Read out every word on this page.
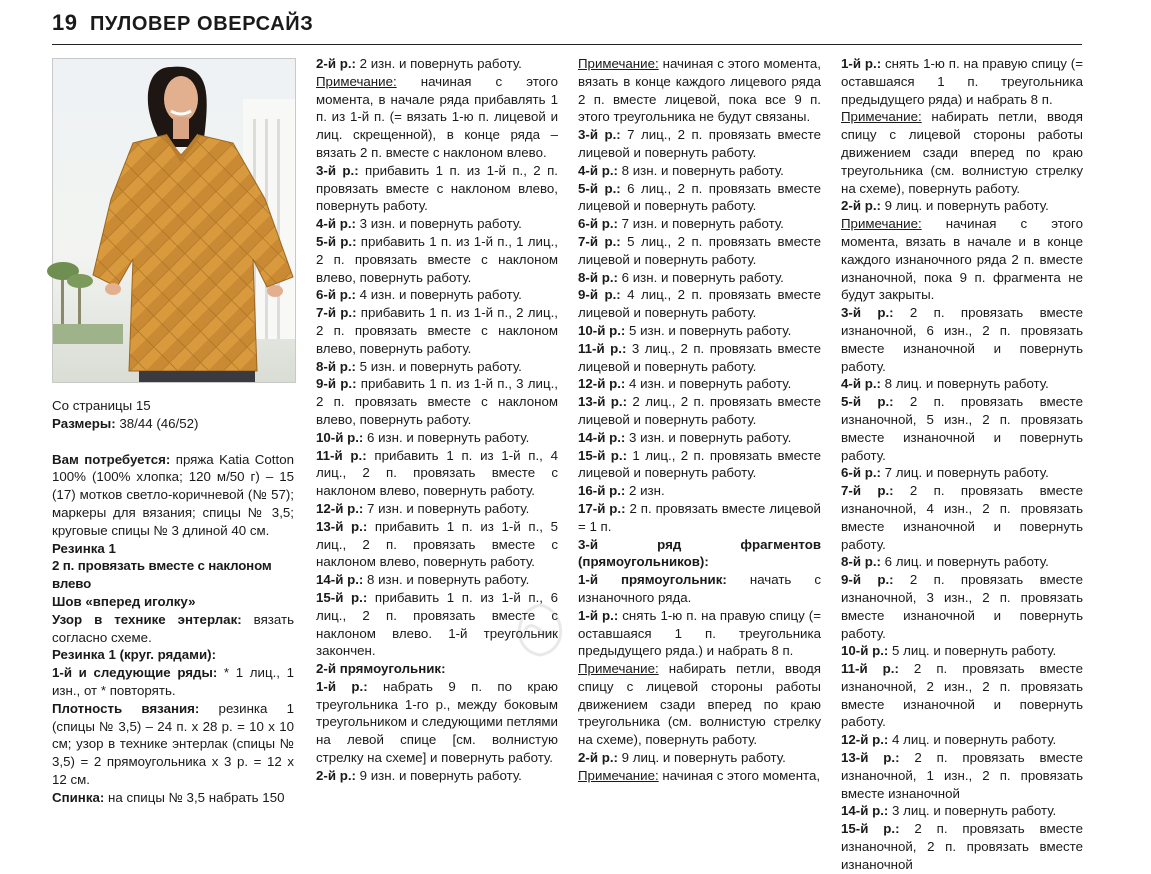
19 ПУЛОВЕР ОВЕРСАЙЗ

Со страницы 15

Размеры: 38/44 (46/52)

Вам потребуется: пряжа Katia Cotton 100% (100% хлопка; 120 м/50 г) – 15 (17) мотков светло-коричневой (№ 57); маркеры для вязания; спицы № 3,5; круговые спицы № 3 длиной 40 см.

Резинка 1

2 п. провязать вместе с наклоном влево

Шов «вперед иголку»

Узор в технике энтерлак: вязать согласно схеме.

Резинка 1 (круг. рядами):

1-й и следующие ряды: * 1 лиц., 1 изн., от * повторять.

Плотность вязания: резинка 1 (спицы № 3,5) – 24 п. x 28 р. = 10 x 10 см; узор в технике энтерлак (спицы № 3,5) = 2 прямоугольника x 3 р. = 12 x 12 см.

Спинка: на спицы № 3,5 набрать 150

2-й р.: 2 изн. и повернуть работу.

Примечание: начиная с этого момента, в начале ряда прибавлять 1 п. из 1-й п. (= вязать 1-ю п. лицевой и лиц. скрещенной), в конце ряда – вязать 2 п. вместе с наклоном влево.

3-й р.: прибавить 1 п. из 1-й п., 2 п. провязать вместе с наклоном влево, повернуть работу.

4-й р.: 3 изн. и повернуть работу.

5-й р.: прибавить 1 п. из 1-й п., 1 лиц., 2 п. провязать вместе с наклоном влево, повернуть работу.

6-й р.: 4 изн. и повернуть работу.

7-й р.: прибавить 1 п. из 1-й п., 2 лиц., 2 п. провязать вместе с наклоном влево, повернуть работу.

8-й р.: 5 изн. и повернуть работу.

9-й р.: прибавить 1 п. из 1-й п., 3 лиц., 2 п. провязать вместе с наклоном влево, повернуть работу.

10-й р.: 6 изн. и повернуть работу.

11-й р.: прибавить 1 п. из 1-й п., 4 лиц., 2 п. провязать вместе с наклоном влево, повернуть работу.

12-й р.: 7 изн. и повернуть работу.

13-й р.: прибавить 1 п. из 1-й п., 5 лиц., 2 п. провязать вместе с наклоном влево, повернуть работу.

14-й р.: 8 изн. и повернуть работу.

15-й р.: прибавить 1 п. из 1-й п., 6 лиц., 2 п. провязать вместе с наклоном влево. 1-й треугольник закончен.

2-й прямоугольник:

1-й р.: набрать 9 п. по краю треугольника 1-го р., между боковым треугольником и следующими петлями на левой спице [см. волнистую стрелку на схеме] и повернуть работу.

2-й р.: 9 изн. и повернуть работу.

Примечание: начиная с этого момента, вязать в конце каждого лицевого ряда 2 п. вместе лицевой, пока все 9 п. этого треугольника не будут связаны.

3-й р.: 7 лиц., 2 п. провязать вместе лицевой и повернуть работу.

4-й р.: 8 изн. и повернуть работу.

5-й р.: 6 лиц., 2 п. провязать вместе лицевой и повернуть работу.

6-й р.: 7 изн. и повернуть работу.

7-й р.: 5 лиц., 2 п. провязать вместе лицевой и повернуть работу.

8-й р.: 6 изн. и повернуть работу.

9-й р.: 4 лиц., 2 п. провязать вместе лицевой и повернуть работу.

10-й р.: 5 изн. и повернуть работу.

11-й р.: 3 лиц., 2 п. провязать вместе лицевой и повернуть работу.

12-й р.: 4 изн. и повернуть работу.

13-й р.: 2 лиц., 2 п. провязать вместе лицевой и повернуть работу.

14-й р.: 3 изн. и повернуть работу.

15-й р.: 1 лиц., 2 п. провязать вместе лицевой и повернуть работу.

16-й р.: 2 изн.

17-й р.: 2 п. провязать вместе лицевой = 1 п.

3-й ряд фрагментов (прямоугольников):

1-й прямоугольник: начать с изнаночного ряда.

1-й р.: снять 1-ю п. на правую спицу (= оставшаяся 1 п. треугольника предыдущего ряда.) и набрать 8 п.

Примечание: набирать петли, вводя спицу с лицевой стороны работы движением сзади вперед по краю треугольника (см. волнистую стрелку на схеме), повернуть работу.

2-й р.: 9 лиц. и повернуть работу.

Примечание: начиная с этого момента,

1-й р.: снять 1-ю п. на правую спицу (= оставшаяся 1 п. треугольника предыдущего ряда) и набрать 8 п.

Примечание: набирать петли, вводя спицу с лицевой стороны работы движением сзади вперед по краю треугольника (см. волнистую стрелку на схеме), повернуть работу.

2-й р.: 9 лиц. и повернуть работу.

Примечание: начиная с этого момента, вязать в начале и в конце каждого изнаночного ряда 2 п. вместе изнаночной, пока 9 п. фрагмента не будут закрыты.

3-й р.: 2 п. провязать вместе изнаночной, 6 изн., 2 п. провязать вместе изнаночной и повернуть работу.

4-й р.: 8 лиц. и повернуть работу.

5-й р.: 2 п. провязать вместе изнаночной, 5 изн., 2 п. провязать вместе изнаночной и повернуть работу.

6-й р.: 7 лиц. и повернуть работу.

7-й р.: 2 п. провязать вместе изнаночной, 4 изн., 2 п. провязать вместе изнаночной и повернуть работу.

8-й р.: 6 лиц. и повернуть работу.

9-й р.: 2 п. провязать вместе изнаночной, 3 изн., 2 п. провязать вместе изнаночной и повернуть работу.

10-й р.: 5 лиц. и повернуть работу.

11-й р.: 2 п. провязать вместе изнаночной, 2 изн., 2 п. провязать вместе изнаночной и повернуть работу.

12-й р.: 4 лиц. и повернуть работу.

13-й р.: 2 п. провязать вместе изнаночной, 1 изн., 2 п. провязать вместе изнаночной

14-й р.: 3 лиц. и повернуть работу.

15-й р.: 2 п. провязать вместе изнаночной, 2 п. провязать вместе изнаночной
